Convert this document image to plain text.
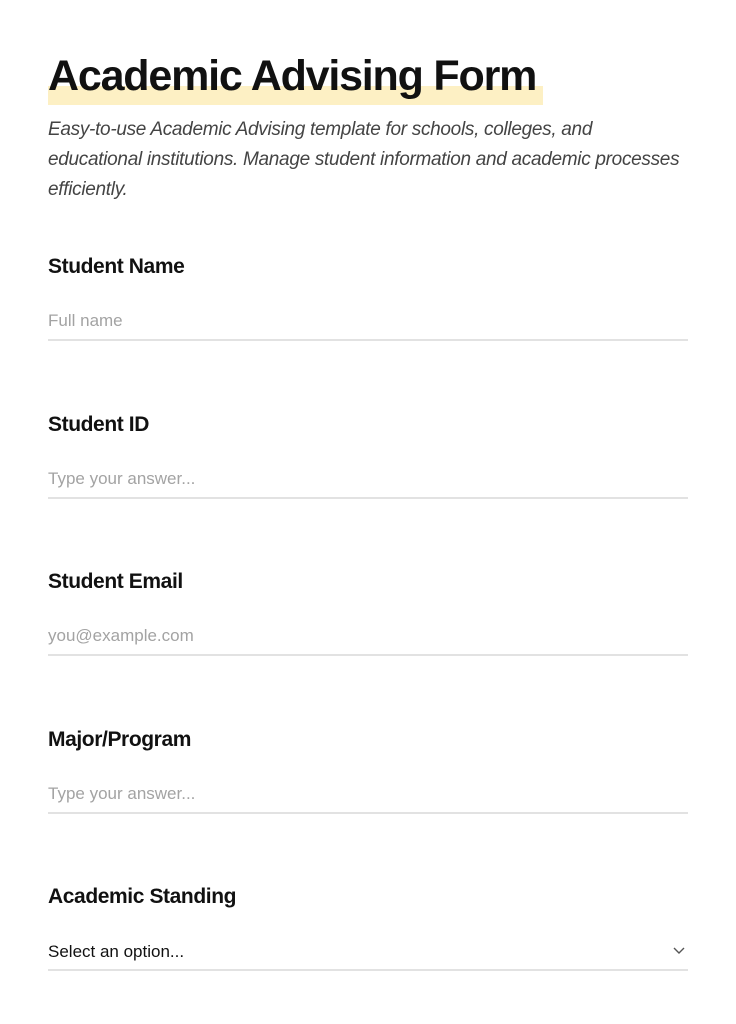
Academic Advising Form

Easy-to-use Academic Advising template for schools, colleges, and educational institutions. Manage student information and academic processes efficiently.

Student Name
Full name
Student ID
Type your answer...
Student Email
you@example.com
Major/Program
Type your answer...
Academic Standing
Select an option...
